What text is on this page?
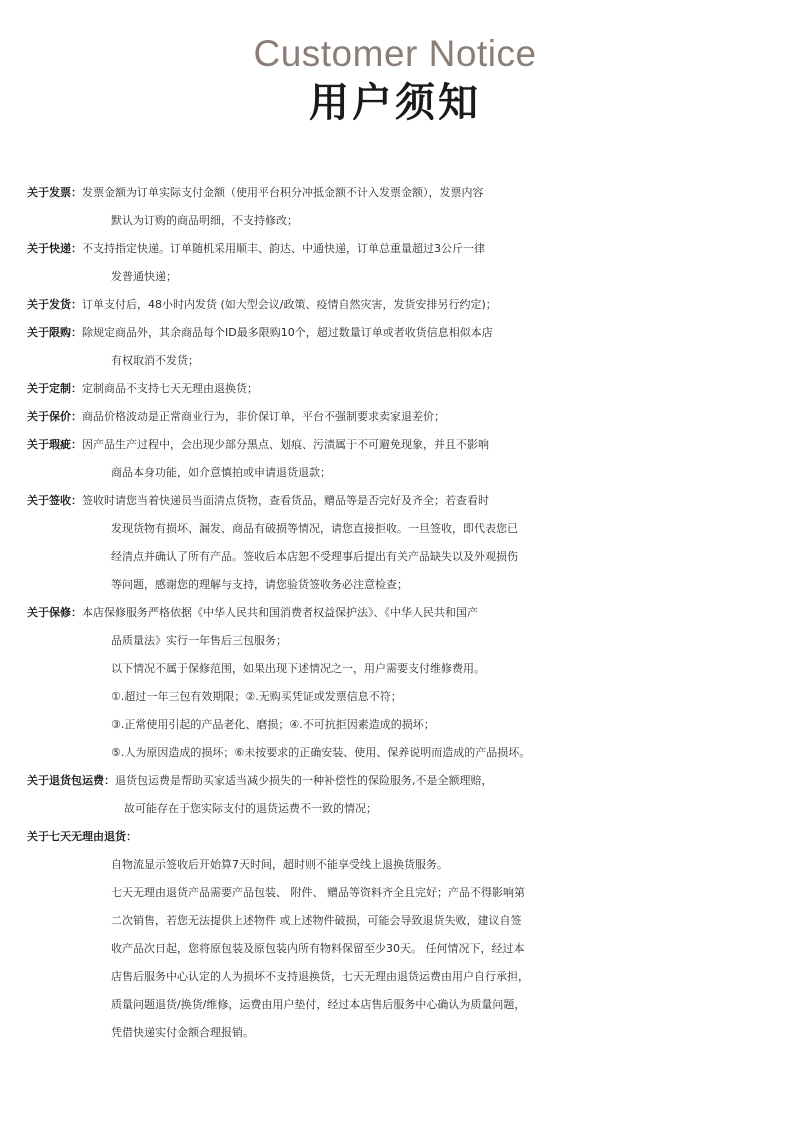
Customer Notice
用户须知
关于发票： 发票金额为订单实际支付金额（使用平台积分冲抵金额不计入发票金额），发票内容
默认为订购的商品明细，不支持修改；
关于快递： 不支持指定快递。订单随机采用顺丰、韵达、中通快递，订单总重量超过3公斤一律
发普通快递；
关于发货： 订单支付后，48小时内发货 (如大型会议/政策、疫情自然灾害，发货安排另行约定)；
关于限购： 除规定商品外，其余商品每个ID最多限购10个，超过数量订单或者收货信息相似本店
有权取消不发货；
关于定制： 定制商品不支持七天无理由退换货；
关于保价： 商品价格波动是正常商业行为，非价保订单，平台不强制要求卖家退差价；
关于瑕疵： 因产品生产过程中，会出现少部分黑点、划痕、污渍属于不可避免现象，并且不影响
商品本身功能，如介意慎拍或申请退货退款；
关于签收： 签收时请您当着快递员当面清点货物，查看货品，赠品等是否完好及齐全；若查看时
发现货物有损坏、漏发、商品有破损等情况，请您直接拒收。一旦签收，即代表您已
经清点并确认了所有产品。签收后本店恕不受理事后提出有关产品缺失以及外观损伤
等问题，感谢您的理解与支持，请您验货签收务必注意检查；
关于保修： 本店保修服务严格依据《中华人民共和国消费者权益保护法》、《中华人民共和国产
品质量法》实行一年售后三包服务；
以下情况不属于保修范围，如果出现下述情况之一，用户需要支付维修费用。
①.超过一年三包有效期限；②.无购买凭证或发票信息不符；
③.正常使用引起的产品老化、磨损；④.不可抗拒因素造成的损坏；
⑤.人为原因造成的损坏；⑥未按要求的正确安装、使用、保养说明而造成的产品损坏。
关于退货包运费： 退货包运费是帮助买家适当减少损失的一种补偿性的保险服务,不是全额理赔，
故可能存在于您实际支付的退货运费不一致的情况；
关于七天无理由退货：
自物流显示签收后开始算7天时间，超时则不能享受线上退换货服务。
七天无理由退货产品需要产品包装、 附件、 赠品等资料齐全且完好；产品不得影响第
二次销售，若您无法提供上述物件 或上述物件破损，可能会导致退货失败，建议自签
收产品次日起，您将原包装及原包装内所有物料保留至少30天。 任何情况下，经过本
店售后服务中心认定的人为损坏不支持退换货，七天无理由退货运费由用户自行承担，
质量问题退货/换货/维修，运费由用户垫付，经过本店售后服务中心确认为质量问题，
凭借快递实付金额合理报销。
